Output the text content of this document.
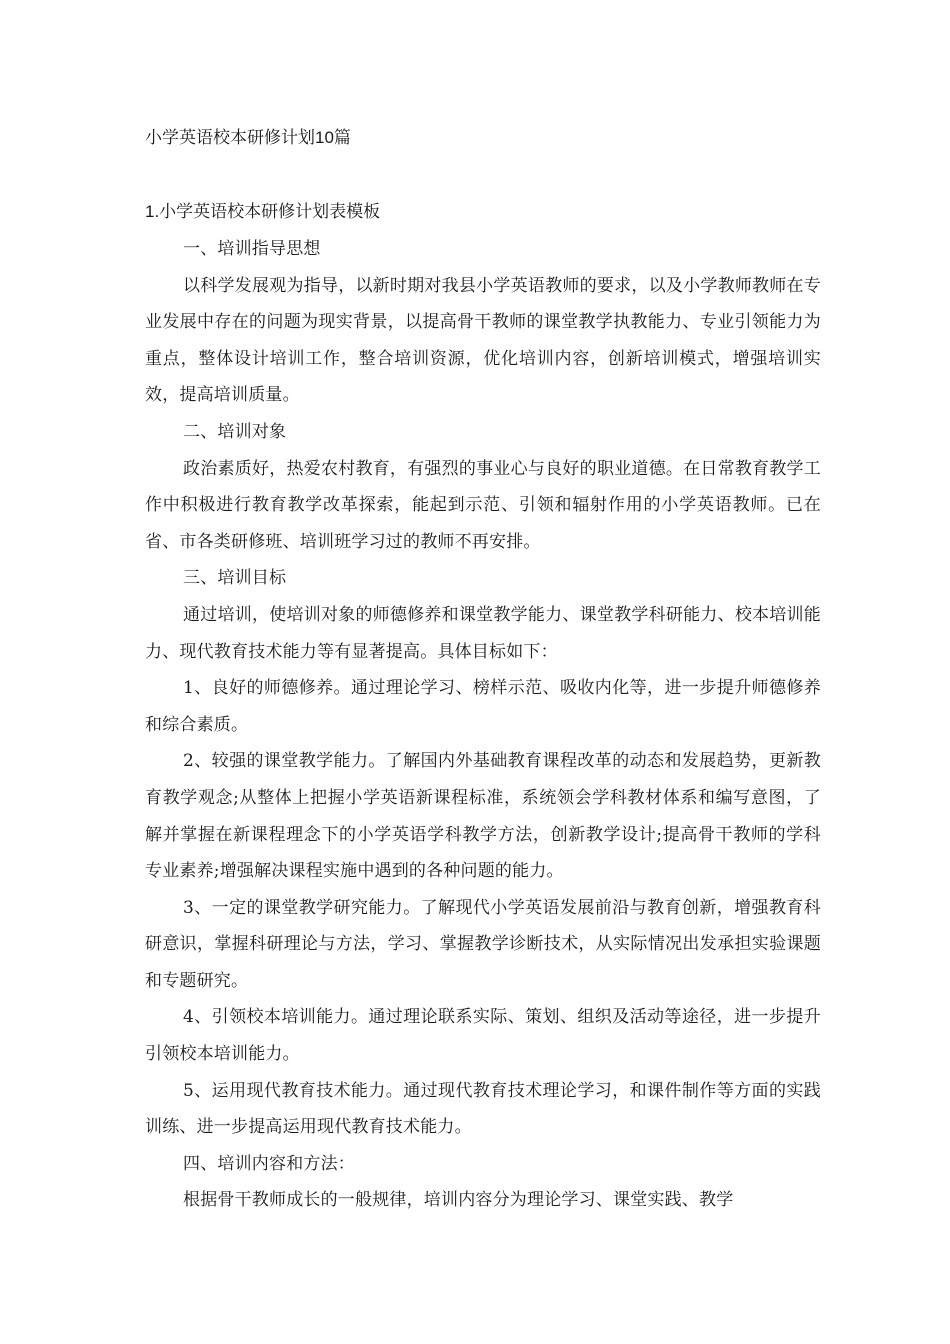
小学英语校本研修计划10篇
1.小学英语校本研修计划表模板

一、培训指导思想

以科学发展观为指导，以新时期对我县小学英语教师的要求，以及小学教师教师在专业发展中存在的问题为现实背景，以提高骨干教师的课堂教学执教能力、专业引领能力为重点，整体设计培训工作，整合培训资源，优化培训内容，创新培训模式，增强培训实效，提高培训质量。

二、培训对象

政治素质好，热爱农村教育，有强烈的事业心与良好的职业道德。在日常教育教学工作中积极进行教育教学改革探索，能起到示范、引领和辐射作用的小学英语教师。已在省、市各类研修班、培训班学习过的教师不再安排。

三、培训目标

通过培训，使培训对象的师德修养和课堂教学能力、课堂教学科研能力、校本培训能力、现代教育技术能力等有显著提高。具体目标如下：

1、良好的师德修养。通过理论学习、榜样示范、吸收内化等，进一步提升师德修养和综合素质。

2、较强的课堂教学能力。了解国内外基础教育课程改革的动态和发展趋势，更新教育教学观念;从整体上把握小学英语新课程标准，系统领会学科教材体系和编写意图，了解并掌握在新课程理念下的小学英语学科教学方法，创新教学设计;提高骨干教师的学科专业素养;增强解决课程实施中遇到的各种问题的能力。

3、一定的课堂教学研究能力。了解现代小学英语发展前沿与教育创新，增强教育科研意识，掌握科研理论与方法，学习、掌握教学诊断技术，从实际情况出发承担实验课题和专题研究。

4、引领校本培训能力。通过理论联系实际、策划、组织及活动等途径，进一步提升引领校本培训能力。

5、运用现代教育技术能力。通过现代教育技术理论学习，和课件制作等方面的实践训练、进一步提高运用现代教育技术能力。

四、培训内容和方法：

根据骨干教师成长的一般规律，培训内容分为理论学习、课堂实践、教学
